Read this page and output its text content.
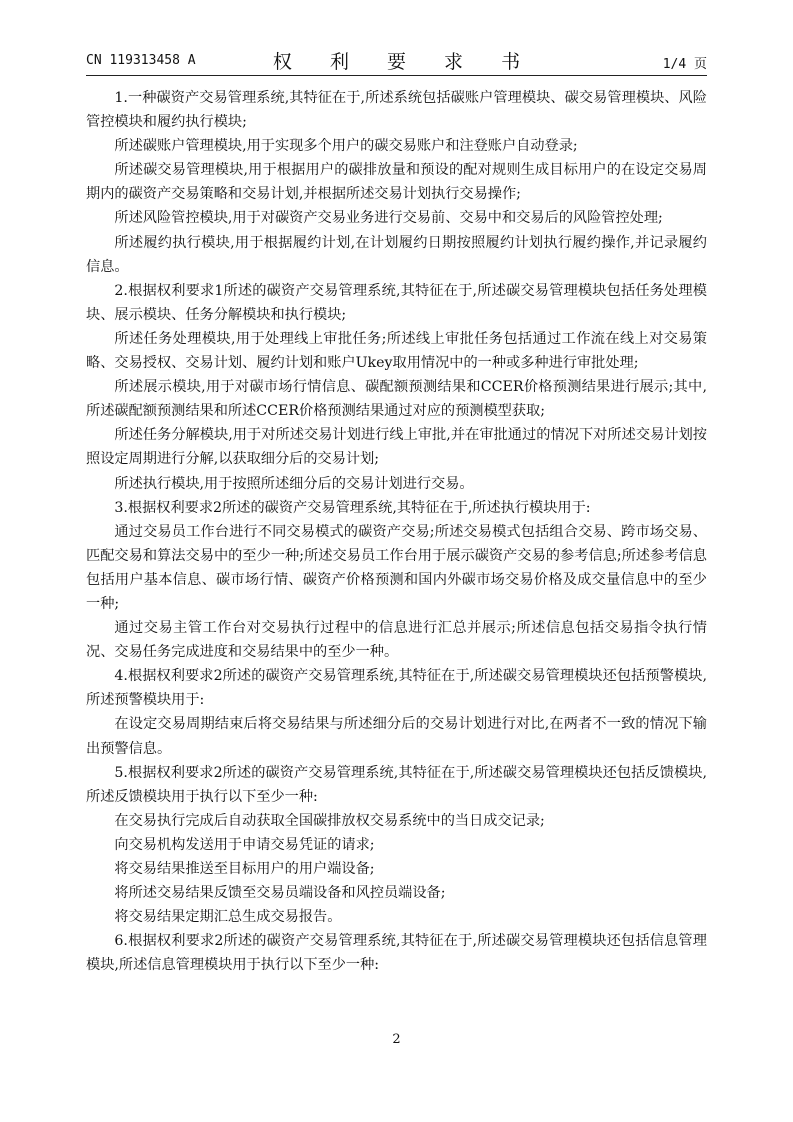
CN 119313458 A	权 利 要 求 书	1/4 页

1.一种碳资产交易管理系统,其特征在于,所述系统包括碳账户管理模块、碳交易管理模块、风险管控模块和履约执行模块;

所述碳账户管理模块,用于实现多个用户的碳交易账户和注登账户自动登录;

所述碳交易管理模块,用于根据用户的碳排放量和预设的配对规则生成目标用户的在设定交易周期内的碳资产交易策略和交易计划,并根据所述交易计划执行交易操作;

所述风险管控模块,用于对碳资产交易业务进行交易前、交易中和交易后的风险管控处理;

所述履约执行模块,用于根据履约计划,在计划履约日期按照履约计划执行履约操作,并记录履约信息。

2.根据权利要求1所述的碳资产交易管理系统,其特征在于,所述碳交易管理模块包括任务处理模块、展示模块、任务分解模块和执行模块;

所述任务处理模块,用于处理线上审批任务;所述线上审批任务包括通过工作流在线上对交易策略、交易授权、交易计划、履约计划和账户Ukey取用情况中的一种或多种进行审批处理;

所述展示模块,用于对碳市场行情信息、碳配额预测结果和CCER价格预测结果进行展示;其中,所述碳配额预测结果和所述CCER价格预测结果通过对应的预测模型获取;

所述任务分解模块,用于对所述交易计划进行线上审批,并在审批通过的情况下对所述交易计划按照设定周期进行分解,以获取细分后的交易计划;

所述执行模块,用于按照所述细分后的交易计划进行交易。

3.根据权利要求2所述的碳资产交易管理系统,其特征在于,所述执行模块用于:

通过交易员工作台进行不同交易模式的碳资产交易;所述交易模式包括组合交易、跨市场交易、匹配交易和算法交易中的至少一种;所述交易员工作台用于展示碳资产交易的参考信息;所述参考信息包括用户基本信息、碳市场行情、碳资产价格预测和国内外碳市场交易价格及成交量信息中的至少一种;

通过交易主管工作台对交易执行过程中的信息进行汇总并展示;所述信息包括交易指令执行情况、交易任务完成进度和交易结果中的至少一种。

4.根据权利要求2所述的碳资产交易管理系统,其特征在于,所述碳交易管理模块还包括预警模块,所述预警模块用于:

在设定交易周期结束后将交易结果与所述细分后的交易计划进行对比,在两者不一致的情况下输出预警信息。

5.根据权利要求2所述的碳资产交易管理系统,其特征在于,所述碳交易管理模块还包括反馈模块,所述反馈模块用于执行以下至少一种:

在交易执行完成后自动获取全国碳排放权交易系统中的当日成交记录;

向交易机构发送用于申请交易凭证的请求;

将交易结果推送至目标用户的用户端设备;

将所述交易结果反馈至交易员端设备和风控员端设备;

将交易结果定期汇总生成交易报告。

6.根据权利要求2所述的碳资产交易管理系统,其特征在于,所述碳交易管理模块还包括信息管理模块,所述信息管理模块用于执行以下至少一种:

2
